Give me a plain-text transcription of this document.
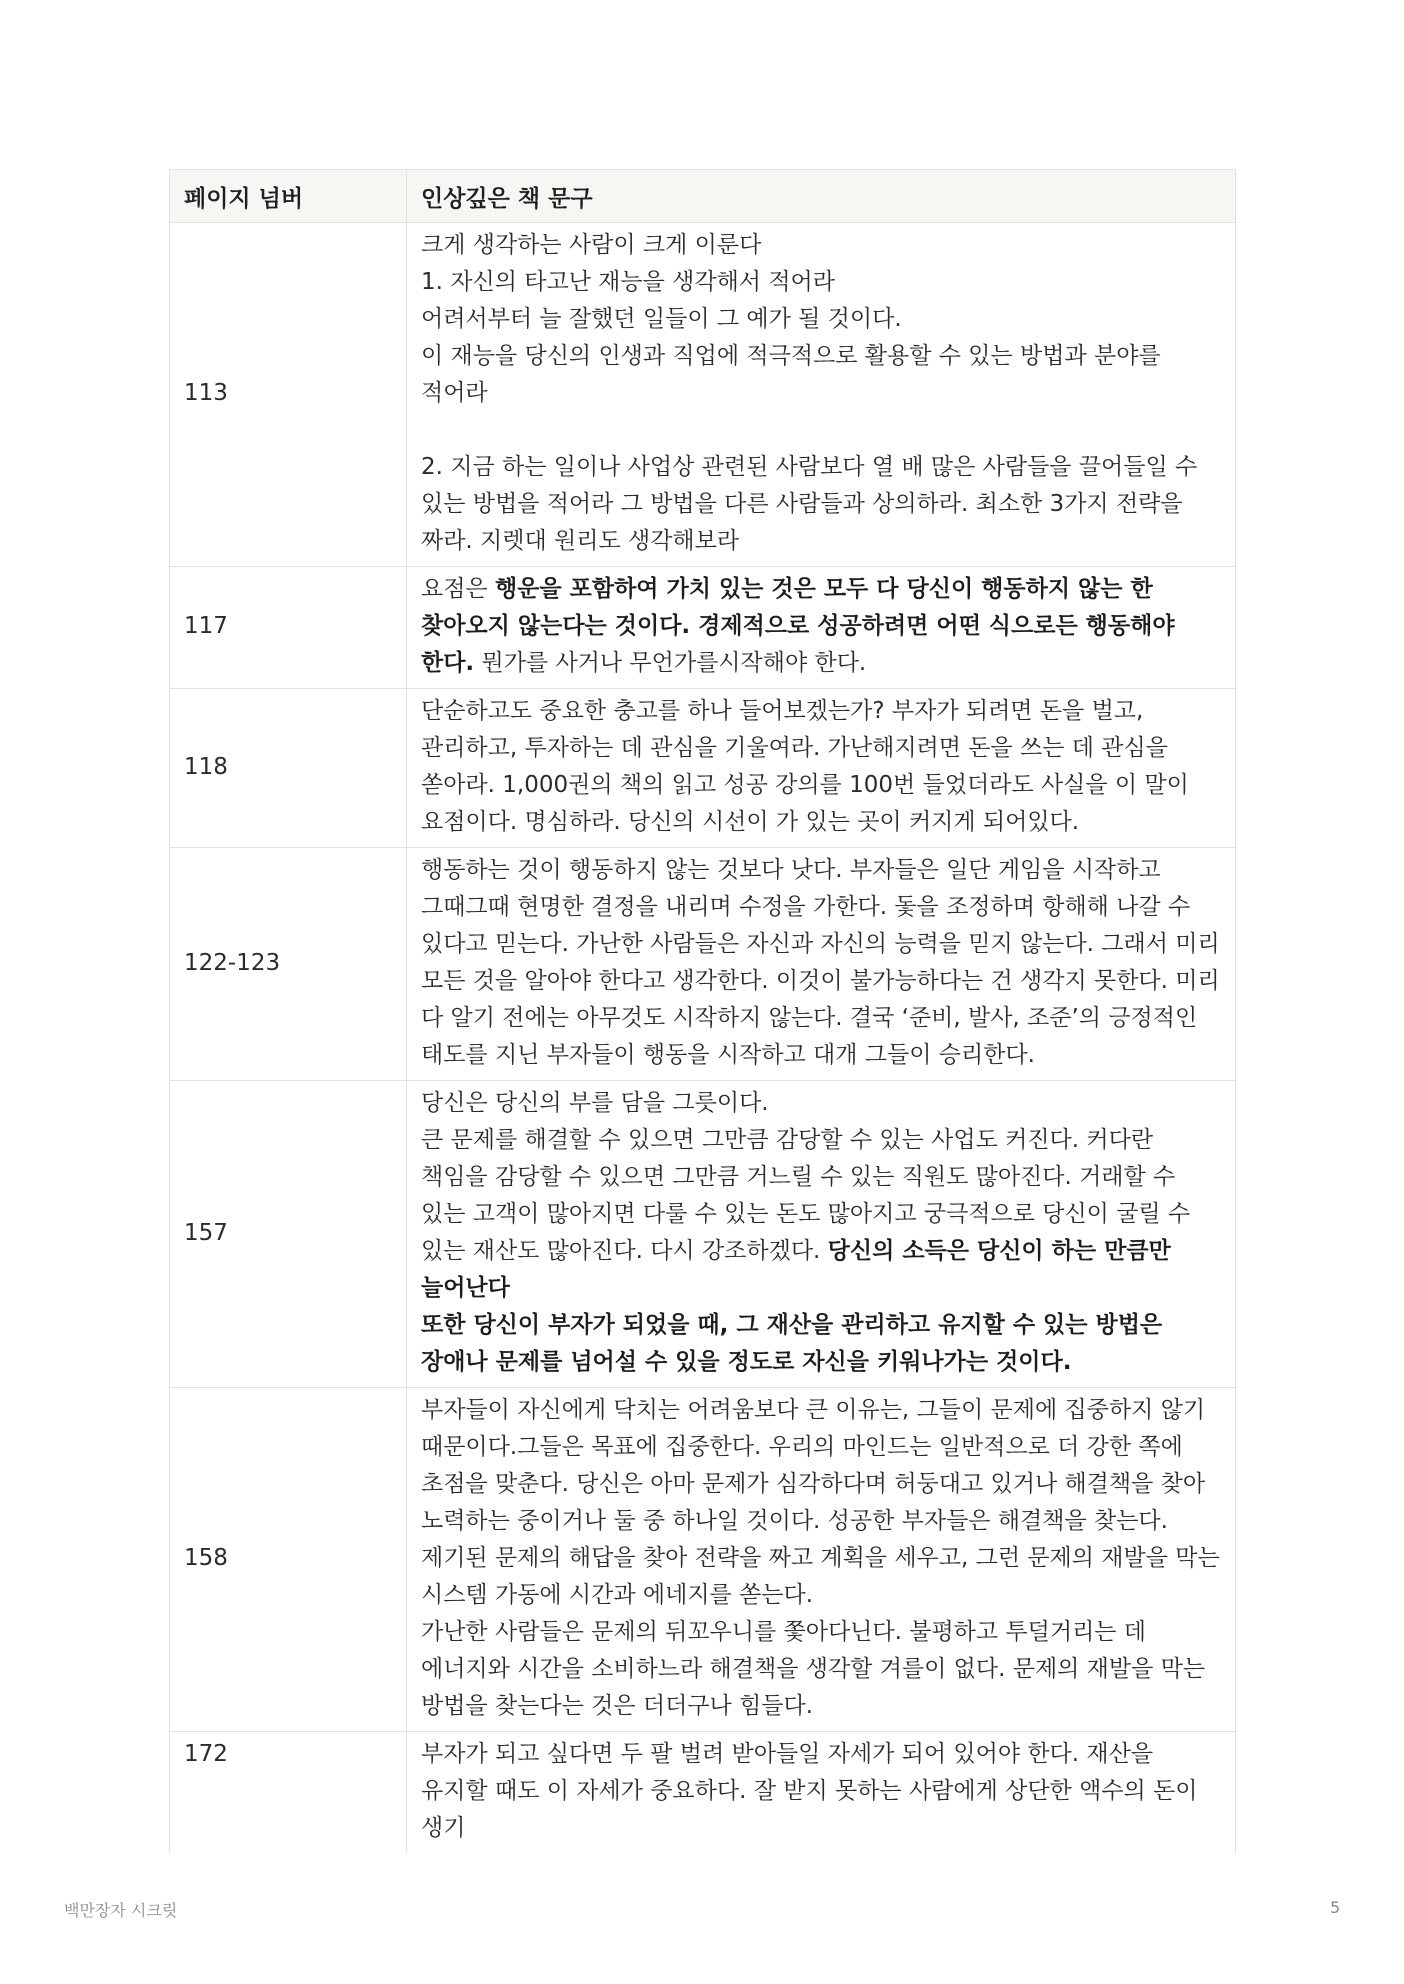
페이지 넘버	인상깊은 책 문구
113	크게 생각하는 사람이 크게 이룬다
1. 자신의 타고난 재능을 생각해서 적어라
어려서부터 늘 잘했던 일들이 그 예가 될 것이다.
이 재능을 당신의 인생과 직업에 적극적으로 활용할 수 있는 방법과 분야를 적어라

2. 지금 하는 일이나 사업상 관련된 사람보다 열 배 많은 사람들을 끌어들일 수 있는 방법을 적어라 그 방법을 다른 사람들과 상의하라. 최소한 3가지 전략을 짜라. 지렛대 원리도 생각해보라
117	요점은 행운을 포함하여 가치 있는 것은 모두 다 당신이 행동하지 않는 한 찾아오지 않는다는 것이다. 경제적으로 성공하려면 어떤 식으로든 행동해야 한다. 뭔가를 사거나 무언가를시작해야 한다.
118	단순하고도 중요한 충고를 하나 들어보겠는가? 부자가 되려면 돈을 벌고, 관리하고, 투자하는 데 관심을 기울여라. 가난해지려면 돈을 쓰는 데 관심을 쏟아라. 1,000권의 책의 읽고 성공 강의를 100번 들었더라도 사실을 이 말이 요점이다. 명심하라. 당신의 시선이 가 있는 곳이 커지게 되어있다.
122-123	행동하는 것이 행동하지 않는 것보다 낫다. 부자들은 일단 게임을 시작하고 그때그때 현명한 결정을 내리며 수정을 가한다. 돛을 조정하며 항해해 나갈 수 있다고 믿는다. 가난한 사람들은 자신과 자신의 능력을 믿지 않는다. 그래서 미리 모든 것을 알아야 한다고 생각한다. 이것이 불가능하다는 건 생각지 못한다. 미리 다 알기 전에는 아무것도 시작하지 않는다. 결국 ‘준비, 발사, 조준’의 긍정적인 태도를 지닌 부자들이 행동을 시작하고 대개 그들이 승리한다.
157	당신은 당신의 부를 담을 그릇이다.
큰 문제를 해결할 수 있으면 그만큼 감당할 수 있는 사업도 커진다. 커다란 책임을 감당할 수 있으면 그만큼 거느릴 수 있는 직원도 많아진다. 거래할 수 있는 고객이 많아지면 다룰 수 있는 돈도 많아지고 궁극적으로 당신이 굴릴 수 있는 재산도 많아진다. 다시 강조하겠다. 당신의 소득은 당신이 하는 만큼만 늘어난다
또한 당신이 부자가 되었을 때, 그 재산을 관리하고 유지할 수 있는 방법은 장애나 문제를 넘어설 수 있을 정도로 자신을 키워나가는 것이다.
158	부자들이 자신에게 닥치는 어려움보다 큰 이유는, 그들이 문제에 집중하지 않기 때문이다.그들은 목표에 집중한다. 우리의 마인드는 일반적으로 더 강한 쪽에 초점을 맞춘다. 당신은 아마 문제가 심각하다며 허둥대고 있거나 해결책을 찾아 노력하는 중이거나 둘 중 하나일 것이다. 성공한 부자들은 해결책을 찾는다. 제기된 문제의 해답을 찾아 전략을 짜고 계획을 세우고, 그런 문제의 재발을 막는 시스템 가동에 시간과 에네지를 쏟는다.
가난한 사람들은 문제의 뒤꼬우니를 쫓아다닌다. 불평하고 투덜거리는 데 에너지와 시간을 소비하느라 해결책을 생각할 겨를이 없다. 문제의 재발을 막는 방법을 찾는다는 것은 더더구나 힘들다.
172	부자가 되고 싶다면 두 팔 벌려 받아들일 자세가 되어 있어야 한다. 재산을 유지할 때도 이 자세가 중요하다. 잘 받지 못하는 사람에게 상단한 액수의 돈이 생기
백만장자 시크릿	5
